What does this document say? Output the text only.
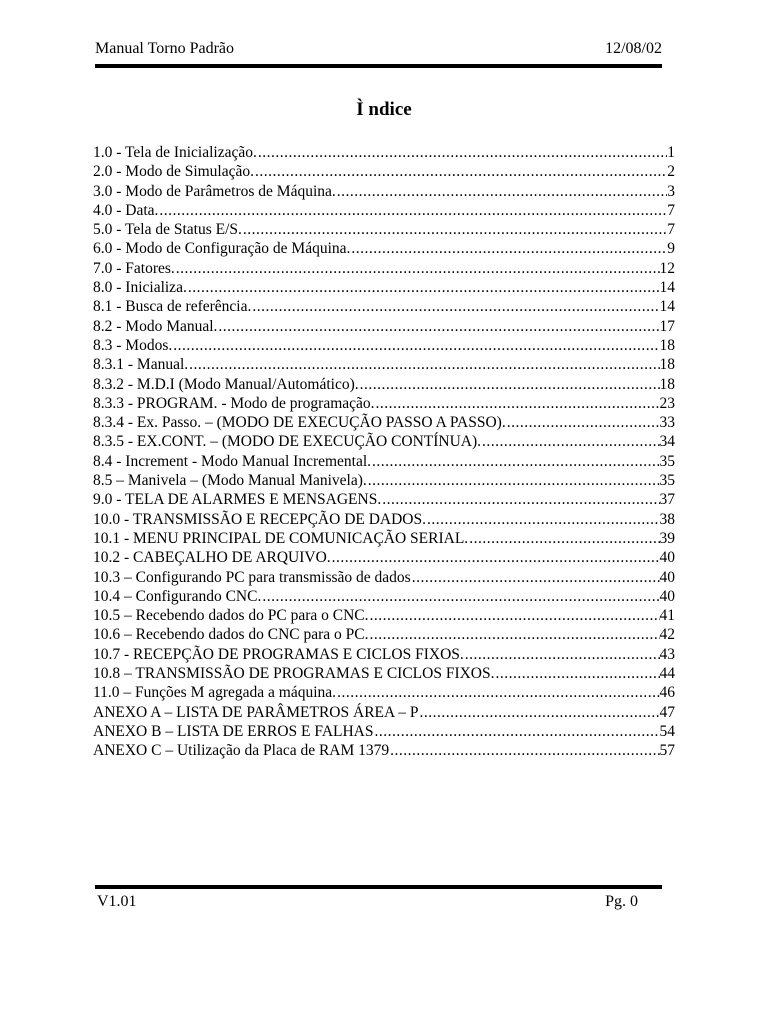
Manual Torno Padrão	12/08/02
Ì ndice
1.0 - Tela de Inicialização. .....	1
2.0 - Modo de Simulação. .....	2
3.0 - Modo de Parâmetros de Máquina. .....	3
4.0 - Data. .....	7
5.0 - Tela de Status E/S. .....	7
6.0 - Modo de Configuração de Máquina. .....	9
7.0 - Fatores. .....	12
8.0 - Inicializa. .....	14
8.1 - Busca de referência. .....	14
8.2 - Modo Manual. .....	17
8.3 - Modos. .....	18
8.3.1 - Manual. .....	18
8.3.2 - M.D.I (Modo Manual/Automático). .....	18
8.3.3 - PROGRAM. - Modo de programação. .....	23
8.3.4 - Ex. Passo. – (MODO DE EXECUÇÃO PASSO A PASSO). .....	33
8.3.5 - EX.CONT. – (MODO DE EXECUÇÃO CONTÍNUA). .....	34
8.4 - Increment - Modo Manual Incremental. .....	35
8.5 – Manivela – (Modo Manual Manivela). .....	35
9.0 - TELA DE ALARMES E MENSAGENS. .....	37
10.0 - TRANSMISSÃO E RECEPÇÃO DE DADOS. .....	38
10.1 - MENU PRINCIPAL DE COMUNICAÇÃO SERIAL. .....	39
10.2 - CABEÇALHO DE ARQUIVO. .....	40
10.3 – Configurando PC para transmissão de dados .....	40
10.4 – Configurando CNC. .....	40
10.5 – Recebendo dados do PC para o CNC. .....	41
10.6 – Recebendo dados do CNC para o PC. .....	42
10.7 - RECEPÇÃO DE PROGRAMAS E CICLOS FIXOS. .....	43
10.8 – TRANSMISSÃO DE PROGRAMAS E CICLOS FIXOS. .....	44
11.0 – Funções M agregada a máquina. .....	46
ANEXO A – LISTA DE PARÂMETROS ÁREA – P .....	47
ANEXO B – LISTA DE ERROS E FALHAS .....	54
ANEXO C – Utilização da Placa de RAM 1379 .....	57
V1.01	Pg. 0
